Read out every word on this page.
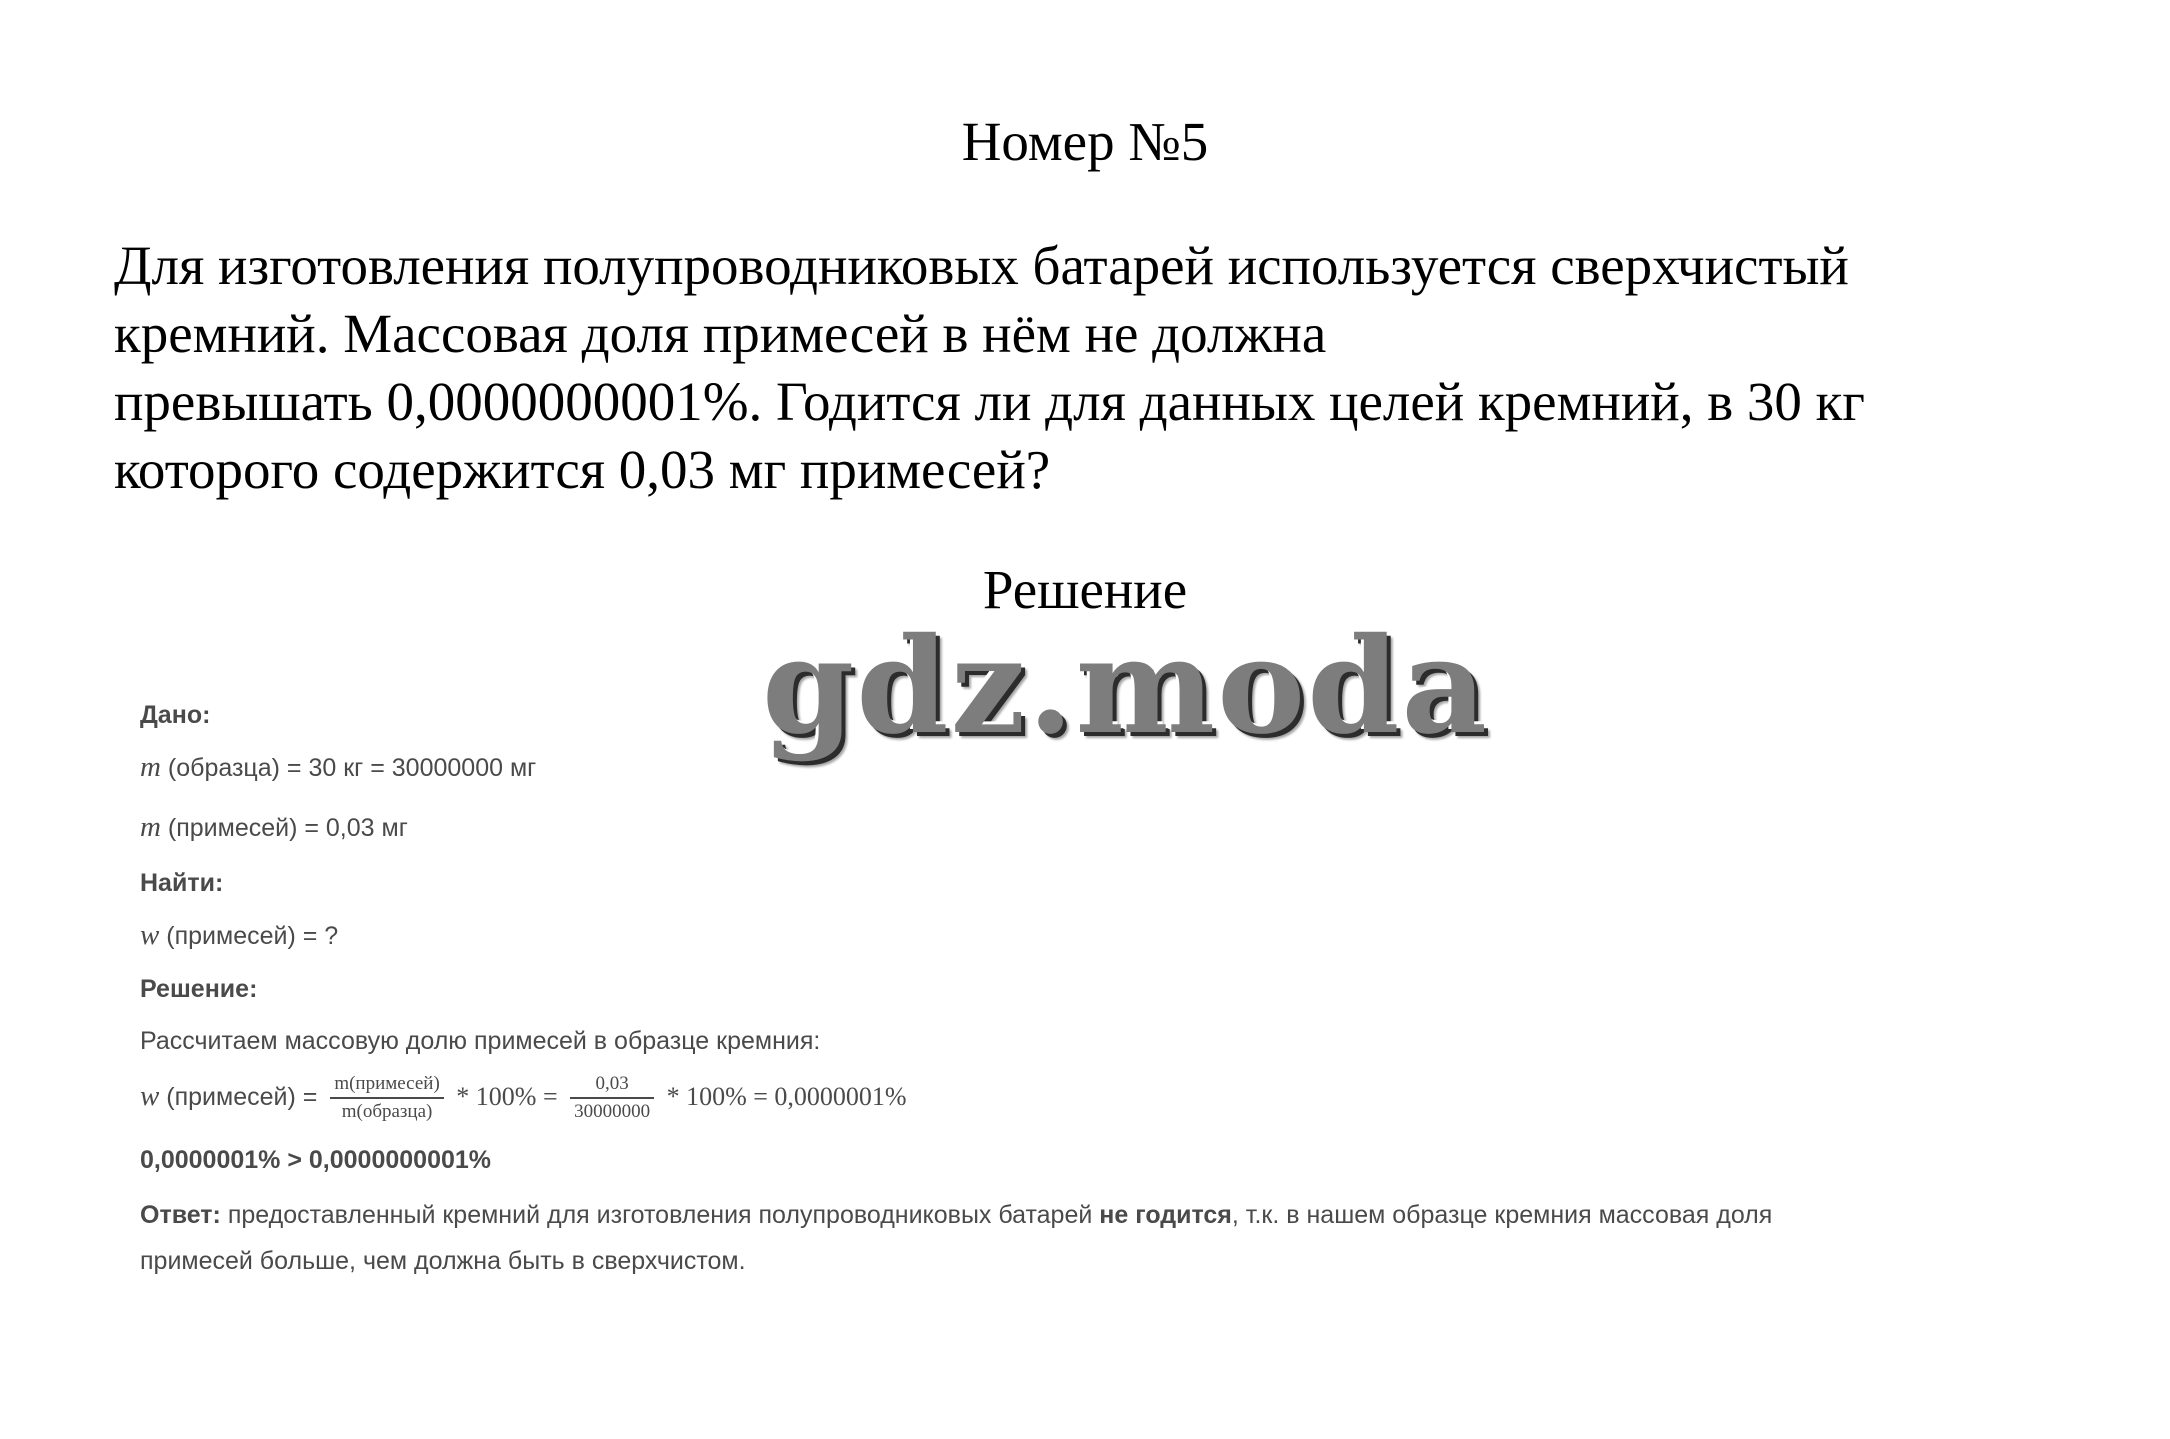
Номер №5
Для изготовления полупроводниковых батарей используется сверхчистый
кремний. Массовая доля примесей в нём не должна
превышать 0,0000000001%. Годится ли для данных целей кремний, в 30 кг
которого содержится 0,03 мг примесей?
Решение
gdz.moda
Дано:
m (образца) = 30 кг = 30000000 мг
m (примесей) = 0,03 мг
Найти:
w (примесей) = ?
Решение:
Рассчитаем массовую долю примесей в образце кремния:
w (примесей) = $\frac{\text{m(примесей)}}{\text{m(образца)}} * 100\% = \frac{0,03}{30000000} * 100\% = 0,0000001\%$
0,0000001% > 0,0000000001%
Ответ: предоставленный кремний для изготовления полупроводниковых батарей не годится, т.к. в нашем образце кремния массовая доля
примесей больше, чем должна быть в сверхчистом.
